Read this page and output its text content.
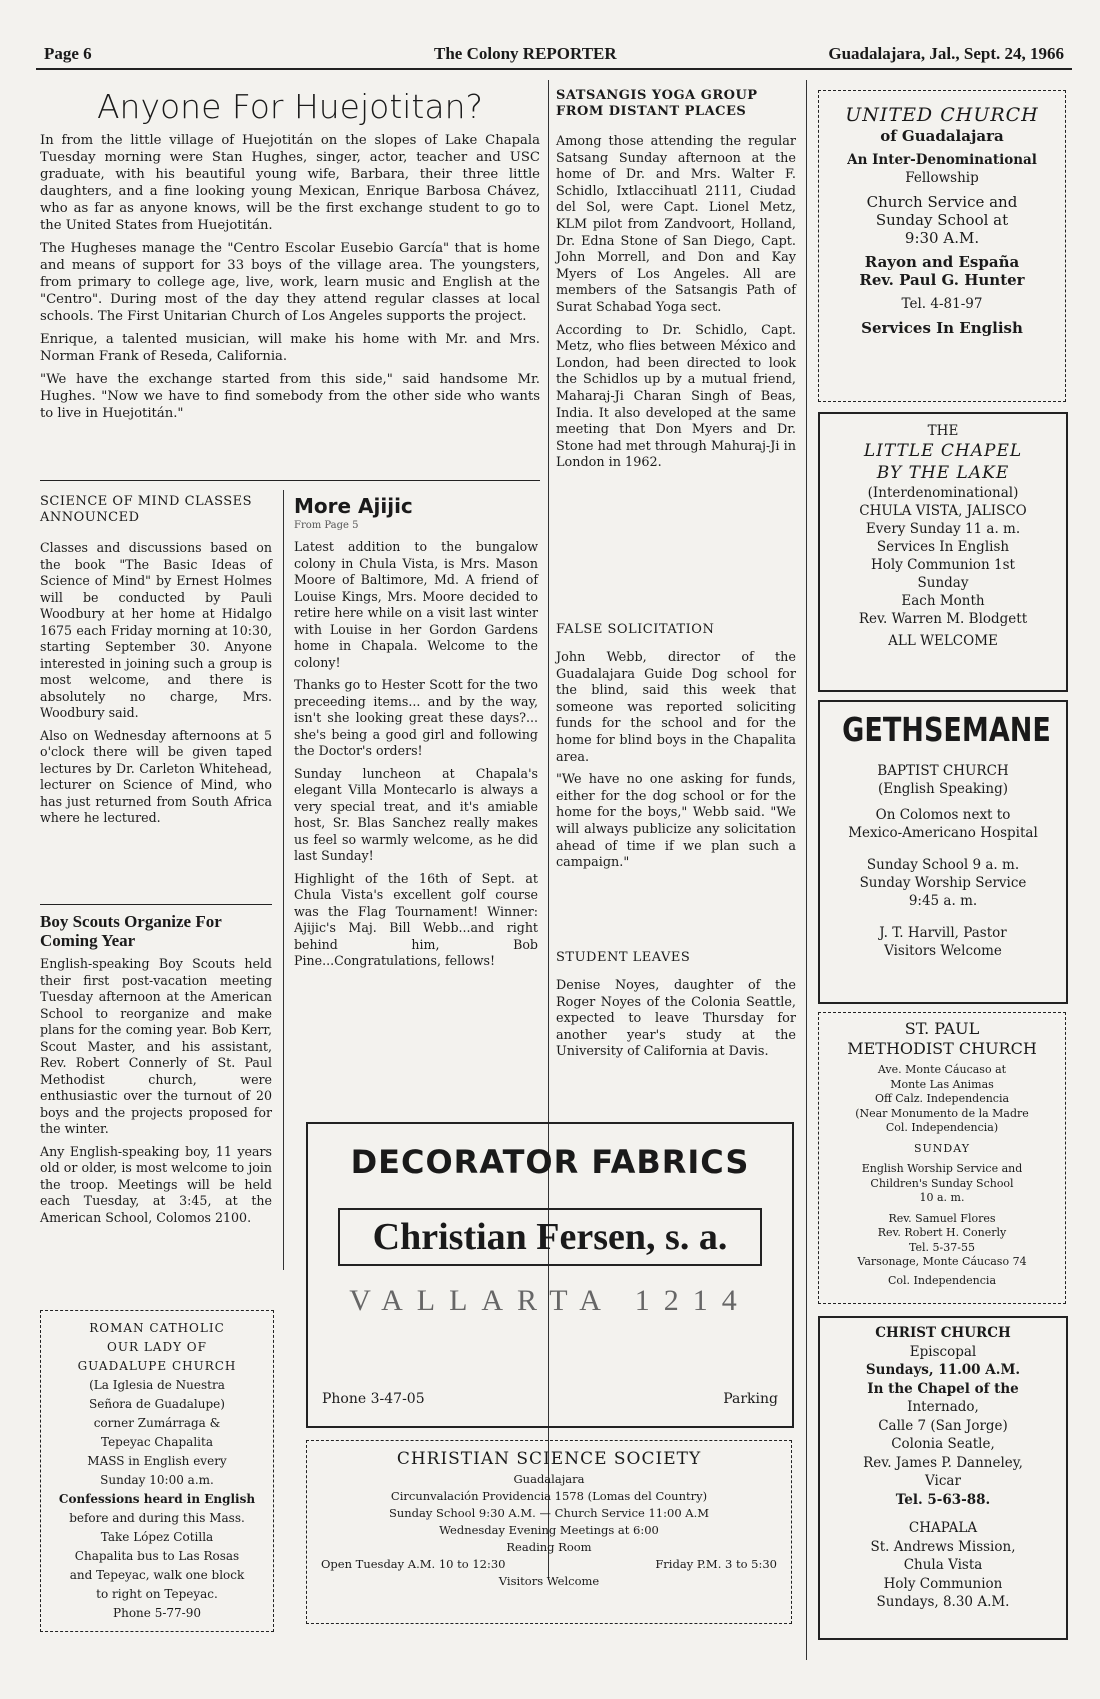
Page 6	The Colony REPORTER	Guadalajara, Jal., Sept. 24, 1966
Anyone For Huejotitan?

In from the little village of Huejotitán on the slopes of Lake Chapala Tuesday morning were Stan Hughes, singer, actor, teacher and USC graduate, with his beautiful young wife, Barbara, their three little daughters, and a fine looking young Mexican, Enrique Barbosa Chávez, who as far as anyone knows, will be the first exchange student to go to the United States from Huejotitán.

The Hugheses manage the "Centro Escolar Eusebio García" that is home and means of support for 33 boys of the village area. The youngsters, from primary to college age, live, work, learn music and English at the "Centro". During most of the day they attend regular classes at local schools. The First Unitarian Church of Los Angeles supports the project.

Enrique, a talented musician, will make his home with Mr. and Mrs. Norman Frank of Reseda, California.

"We have the exchange started from this side," said handsome Mr. Hughes. "Now we have to find somebody from the other side who wants to live in Huejotitán."

SCIENCE OF MIND CLASSES ANNOUNCED

Classes and discussions based on the book "The Basic Ideas of Science of Mind" by Ernest Holmes will be conducted by Pauli Woodbury at her home at Hidalgo 1675 each Friday morning at 10:30, starting September 30. Anyone interested in joining such a group is most welcome, and there is absolutely no charge, Mrs. Woodbury said.

Also on Wednesday afternoons at 5 o'clock there will be given taped lectures by Dr. Carleton Whitehead, lecturer on Science of Mind, who has just returned from South Africa where he lectured.

Boy Scouts Organize For Coming Year

English-speaking Boy Scouts held their first post-vacation meeting Tuesday afternoon at the American School to reorganize and make plans for the coming year. Bob Kerr, Scout Master, and his assistant, Rev. Robert Connerly of St. Paul Methodist church, were enthusiastic over the turnout of 20 boys and the projects proposed for the winter.

Any English-speaking boy, 11 years old or older, is most welcome to join the troop. Meetings will be held each Tuesday, at 3:45, at the American School, Colomos 2100.

More Ajijic
From Page 5

Latest addition to the bungalow colony in Chula Vista, is Mrs. Mason Moore of Baltimore, Md. A friend of Louise Kings, Mrs. Moore decided to retire here while on a visit last winter with Louise in her Gordon Gardens home in Chapala. Welcome to the colony!

Thanks go to Hester Scott for the two preceeding items... and by the way, isn't she looking great these days?... she's being a good girl and following the Doctor's orders!

Sunday luncheon at Chapala's elegant Villa Montecarlo is always a very special treat, and it's amiable host, Sr. Blas Sanchez really makes us feel so warmly welcome, as he did last Sunday!

Highlight of the 16th of Sept. at Chula Vista's excellent golf course was the Flag Tournament! Winner: Ajijic's Maj. Bill Webb...and right behind him, Bob Pine...Congratulations, fellows!

SATSANGIS YOGA GROUP FROM DISTANT PLACES

Among those attending the regular Satsang Sunday afternoon at the home of Dr. and Mrs. Walter F. Schidlo, Ixtlaccihuatl 2111, Ciudad del Sol, were Capt. Lionel Metz, KLM pilot from Zandvoort, Holland, Dr. Edna Stone of San Diego, Capt. John Morrell, and Don and Kay Myers of Los Angeles. All are members of the Satsangis Path of Surat Schabad Yoga sect.

According to Dr. Schidlo, Capt. Metz, who flies between México and London, had been directed to look the Schidlos up by a mutual friend, Maharaj-Ji Charan Singh of Beas, India. It also developed at the same meeting that Don Myers and Dr. Stone had met through Mahuraj-Ji in London in 1962.

FALSE SOLICITATION

John Webb, director of the Guadalajara Guide Dog school for the blind, said this week that someone was reported soliciting funds for the school and for the home for blind boys in the Chapalita area.

"We have no one asking for funds, either for the dog school or for the home for the boys," Webb said. "We will always publicize any solicitation ahead of time if we plan such a campaign."

STUDENT LEAVES

Denise Noyes, daughter of the Roger Noyes of the Colonia Seattle, expected to leave Thursday for another year's study at the University of California at Davis.

DECORATOR FABRICS
Christian Fersen, s. a.
VALLARTA 1214
Phone 3-47-05	Parking
CHRISTIAN SCIENCE SOCIETY
Guadalajara
Circunvalación Providencia 1578 (Lomas del Country)
Sunday School 9:30 A.M. — Church Service 11:00 A.M
Wednesday Evening Meetings at 6:00
Reading Room
Open Tuesday A.M. 10 to 12:30	Friday P.M. 3 to 5:30
Visitors Welcome
ROMAN CATHOLIC
OUR LADY OF
GUADALUPE CHURCH
(La Iglesia de Nuestra
Señora de Guadalupe)
corner Zumárraga &
Tepeyac Chapalita
MASS in English every
Sunday 10:00 a.m.
Confessions heard in English
before and during this Mass.
Take López Cotilla
Chapalita bus to Las Rosas
and Tepeyac, walk one block
to right on Tepeyac.
Phone 5-77-90
UNITED CHURCH
of Guadalajara
An Inter-Denominational
Fellowship
Church Service and
Sunday School at
9:30 A.M.
Rayon and España
Rev. Paul G. Hunter
Tel. 4-81-97
Services In English
THE
LITTLE CHAPEL
BY THE LAKE
(Interdenominational)
CHULA VISTA, JALISCO
Every Sunday 11 a. m.
Services In English
Holy Communion 1st
Sunday
Each Month
Rev. Warren M. Blodgett
ALL WELCOME
GETHSEMANE
BAPTIST CHURCH
(English Speaking)
On Colomos next to
Mexico-Americano Hospital
Sunday School 9 a. m.
Sunday Worship Service
9:45 a. m.
J. T. Harvill, Pastor
Visitors Welcome
ST. PAUL
METHODIST CHURCH
Ave. Monte Cáucaso at
Monte Las Animas
Off Calz. Independencia
(Near Monumento de la Madre
Col. Independencia)
SUNDAY
English Worship Service and
Children's Sunday School
10 a. m.
Rev. Samuel Flores
Rev. Robert H. Conerly
Tel. 5-37-55
Varsonage, Monte Cáucaso 74
Col. Independencia
CHRIST CHURCH
Episcopal
Sundays, 11.00 A.M.
In the Chapel of the
Internado,
Calle 7 (San Jorge)
Colonia Seatle,
Rev. James P. Danneley,
Vicar
Tel. 5-63-88.
CHAPALA
St. Andrews Mission,
Chula Vista
Holy Communion
Sundays, 8.30 A.M.
